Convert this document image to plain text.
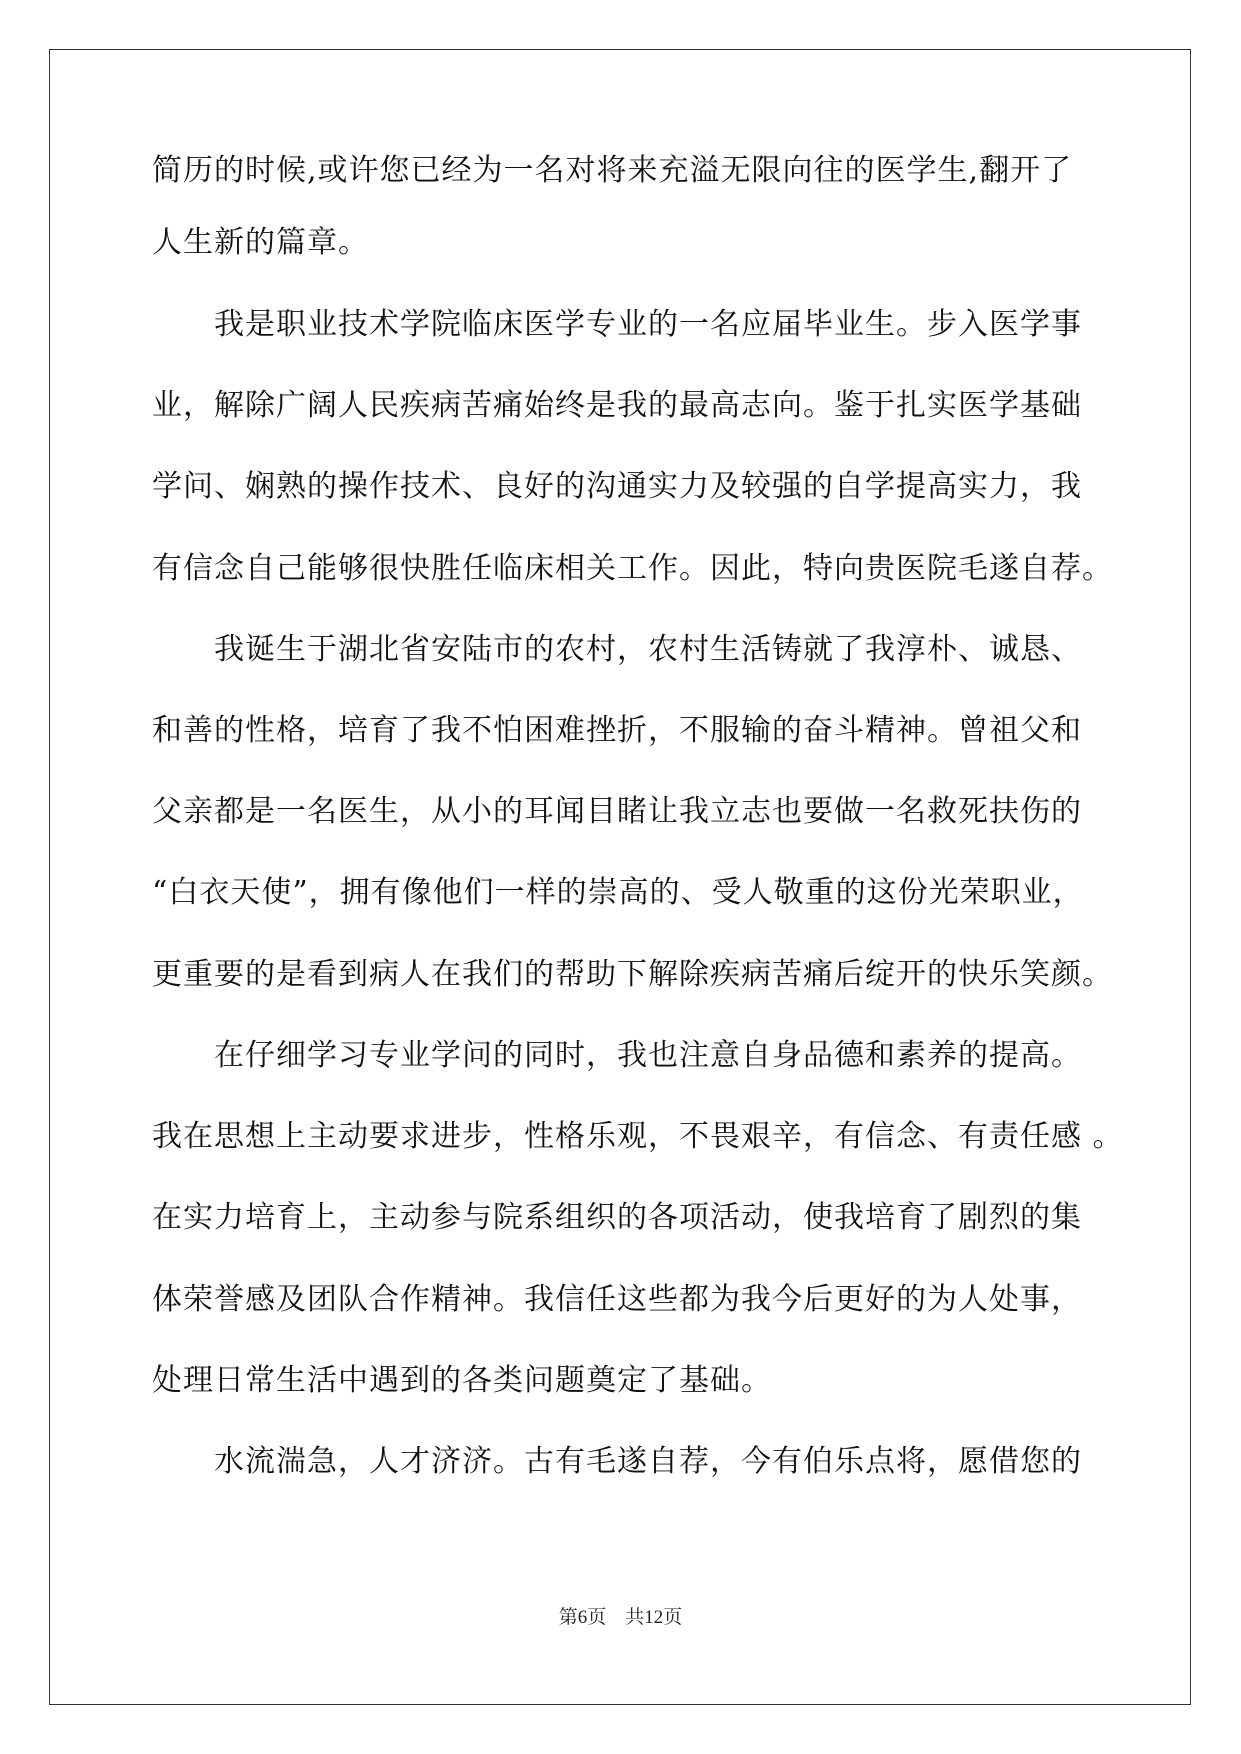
简历的时候,或许您已经为一名对将来充溢无限向往的医学生,翻开了
人生新的篇章。
我是职业技术学院临床医学专业的一名应届毕业生。步入医学事
业，解除广阔人民疾病苦痛始终是我的最高志向。鉴于扎实医学基础
学问、娴熟的操作技术、良好的沟通实力及较强的自学提高实力，我
有信念自己能够很快胜任临床相关工作。因此，特向贵医院毛遂自荐。
我诞生于湖北省安陆市的农村，农村生活铸就了我淳朴、诚恳、
和善的性格，培育了我不怕困难挫折，不服输的奋斗精神。曾祖父和
父亲都是一名医生，从小的耳闻目睹让我立志也要做一名救死扶伤的
“白衣天使”，拥有像他们一样的崇高的、受人敬重的这份光荣职业，
更重要的是看到病人在我们的帮助下解除疾病苦痛后绽开的快乐笑颜。
在仔细学习专业学问的同时，我也注意自身品德和素养的提高。
我在思想上主动要求进步，性格乐观，不畏艰辛，有信念、有责任感 。
在实力培育上，主动参与院系组织的各项活动，使我培育了剧烈的集
体荣誉感及团队合作精神。我信任这些都为我今后更好的为人处事，
处理日常生活中遇到的各类问题奠定了基础。
水流湍急，人才济济。古有毛遂自荐，今有伯乐点将，愿借您的
第6页　共12页
